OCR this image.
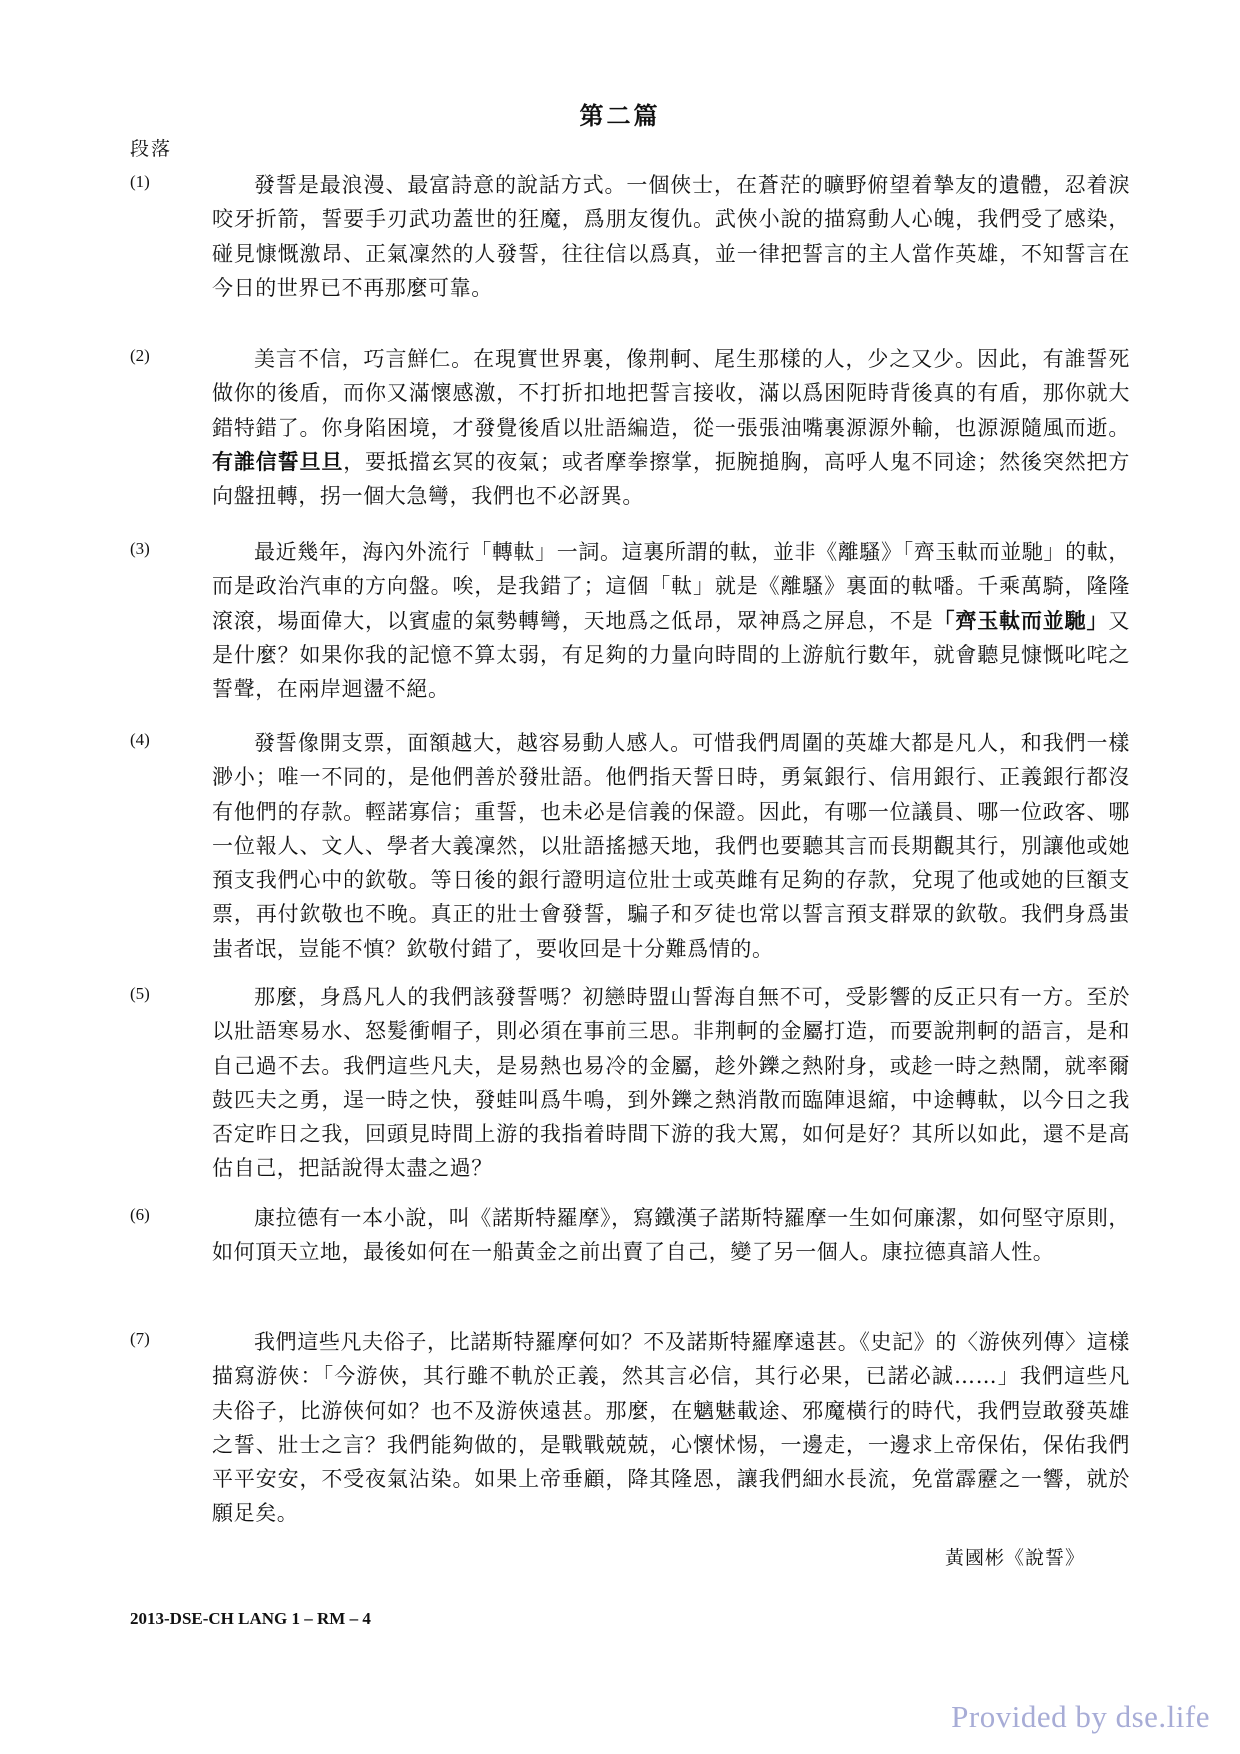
第二篇
段落
(1)	發誓是最浪漫、最富詩意的說話方式。一個俠士，在蒼茫的曠野俯望着摯友的遺體，忍着淚咬牙折箭，誓要手刃武功蓋世的狂魔，爲朋友復仇。武俠小說的描寫動人心魄，我們受了感染，碰見慷慨激昂、正氣凜然的人發誓，往往信以爲真，並一律把誓言的主人當作英雄，不知誓言在今日的世界已不再那麼可靠。
(2)	美言不信，巧言鮮仁。在現實世界裏，像荆軻、尾生那樣的人，少之又少。因此，有誰誓死做你的後盾，而你又滿懷感激，不打折扣地把誓言接收，滿以爲困阨時背後真的有盾，那你就大錯特錯了。你身陷困境，才發覺後盾以壯語編造，從一張張油嘴裏源源外輸，也源源隨風而逝。有誰信誓旦旦，要抵擋玄冥的夜氣；或者摩拳擦掌，扼腕搥胸，高呼人鬼不同途；然後突然把方向盤扭轉，拐一個大急彎，我們也不必訝異。
(3)	最近幾年，海內外流行「轉軚」一詞。這裏所謂的軚，並非《離騷》「齊玉軚而並馳」的軚，而是政治汽車的方向盤。唉，是我錯了；這個「軚」就是《離騷》裏面的軚噃。千乘萬騎，隆隆滾滾，場面偉大，以賓虛的氣勢轉彎，天地爲之低昂，眾神爲之屏息，不是「齊玉軚而並馳」又是什麼？如果你我的記憶不算太弱，有足夠的力量向時間的上游航行數年，就會聽見慷慨叱咤之誓聲，在兩岸迴盪不絕。
(4)	發誓像開支票，面額越大，越容易動人感人。可惜我們周圍的英雄大都是凡人，和我們一樣渺小；唯一不同的，是他們善於發壯語。他們指天誓日時，勇氣銀行、信用銀行、正義銀行都沒有他們的存款。輕諾寡信；重誓，也未必是信義的保證。因此，有哪一位議員、哪一位政客、哪一位報人、文人、學者大義凜然，以壯語搖撼天地，我們也要聽其言而長期觀其行，別讓他或她預支我們心中的欽敬。等日後的銀行證明這位壯士或英雌有足夠的存款，兌現了他或她的巨額支票，再付欽敬也不晚。真正的壯士會發誓，騙子和歹徒也常以誓言預支群眾的欽敬。我們身爲蚩蚩者氓，豈能不慎？欽敬付錯了，要收回是十分難爲情的。
(5)	那麼，身爲凡人的我們該發誓嗎？初戀時盟山誓海自無不可，受影響的反正只有一方。至於以壯語寒易水、怒髮衝帽子，則必須在事前三思。非荆軻的金屬打造，而要說荆軻的語言，是和自己過不去。我們這些凡夫，是易熱也易冷的金屬，趁外鑠之熱附身，或趁一時之熱鬧，就率爾鼓匹夫之勇，逞一時之快，發蛙叫爲牛鳴，到外鑠之熱消散而臨陣退縮，中途轉軚，以今日之我否定昨日之我，回頭見時間上游的我指着時間下游的我大罵，如何是好？其所以如此，還不是高估自己，把話說得太盡之過？
(6)	康拉德有一本小說，叫《諾斯特羅摩》，寫鐵漢子諾斯特羅摩一生如何廉潔，如何堅守原則，如何頂天立地，最後如何在一船黃金之前出賣了自己，變了另一個人。康拉德真諳人性。
(7)	我們這些凡夫俗子，比諾斯特羅摩何如？不及諾斯特羅摩遠甚。《史記》的〈游俠列傳〉這樣描寫游俠：「今游俠，其行雖不軌於正義，然其言必信，其行必果，已諾必誠……」我們這些凡夫俗子，比游俠何如？也不及游俠遠甚。那麼，在魑魅載途、邪魔橫行的時代，我們豈敢發英雄之誓、壯士之言？我們能夠做的，是戰戰兢兢，心懷怵惕，一邊走，一邊求上帝保佑，保佑我們平平安安，不受夜氣沾染。如果上帝垂顧，降其隆恩，讓我們細水長流，免當霹靂之一響，就於願足矣。
黃國彬《說誓》
2013-DSE-CH LANG 1 – RM – 4
Provided by dse.life
